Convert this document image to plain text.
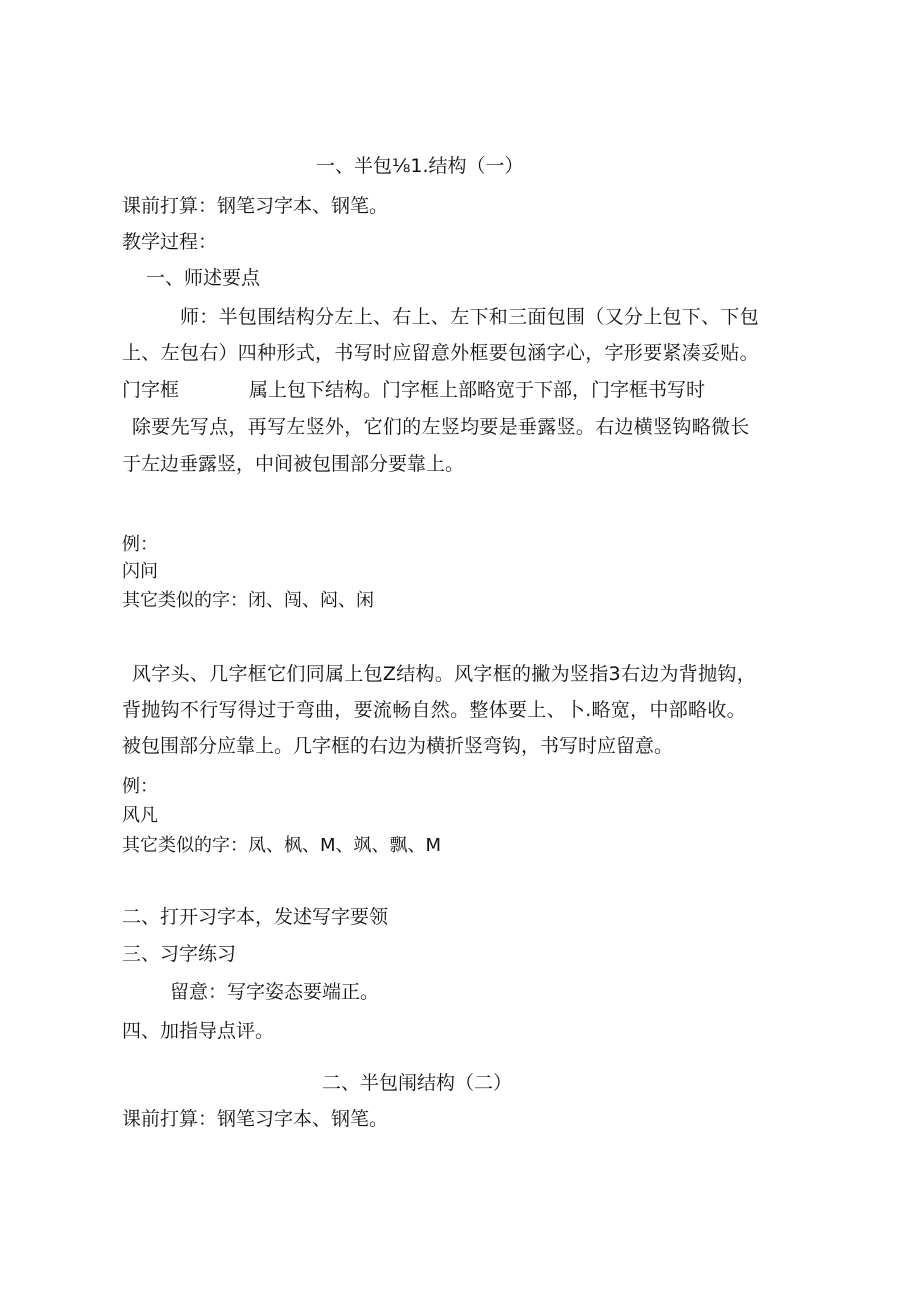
一、半包⅛1.结构（一）
课前打算：钢笔习字本、钢笔。
教学过程：
一、师述要点
师：半包围结构分左上、右上、左下和三面包围（又分上包下、下包
上、左包右）四种形式，书写时应留意外框要包涵字心，字形要紧凑妥贴。
门字框	属上包下结构。门字框上部略宽于下部，门字框书写时
除要先写点，再写左竖外，它们的左竖均要是垂露竖。右边横竖钩略微长
于左边垂露竖，中间被包围部分要靠上。
例：
闪问
其它类似的字：闭、闯、闷、闲
风字头、几字框它们同属上包Z结构。风字框的撇为竖指3右边为背抛钩，
背抛钩不行写得过于弯曲，要流畅自然。整体要上、卜.略宽，中部略收。
被包围部分应靠上。几字框的右边为横折竖弯钩，书写时应留意。
例：
风凡
其它类似的字：凤、枫、M、飒、飘、M
二、打开习字本，发述写字要领
三、习字练习
留意：写字姿态要端正。
四、加指导点评。
二、半包闱结构（二）
课前打算：钢笔习字本、钢笔。
